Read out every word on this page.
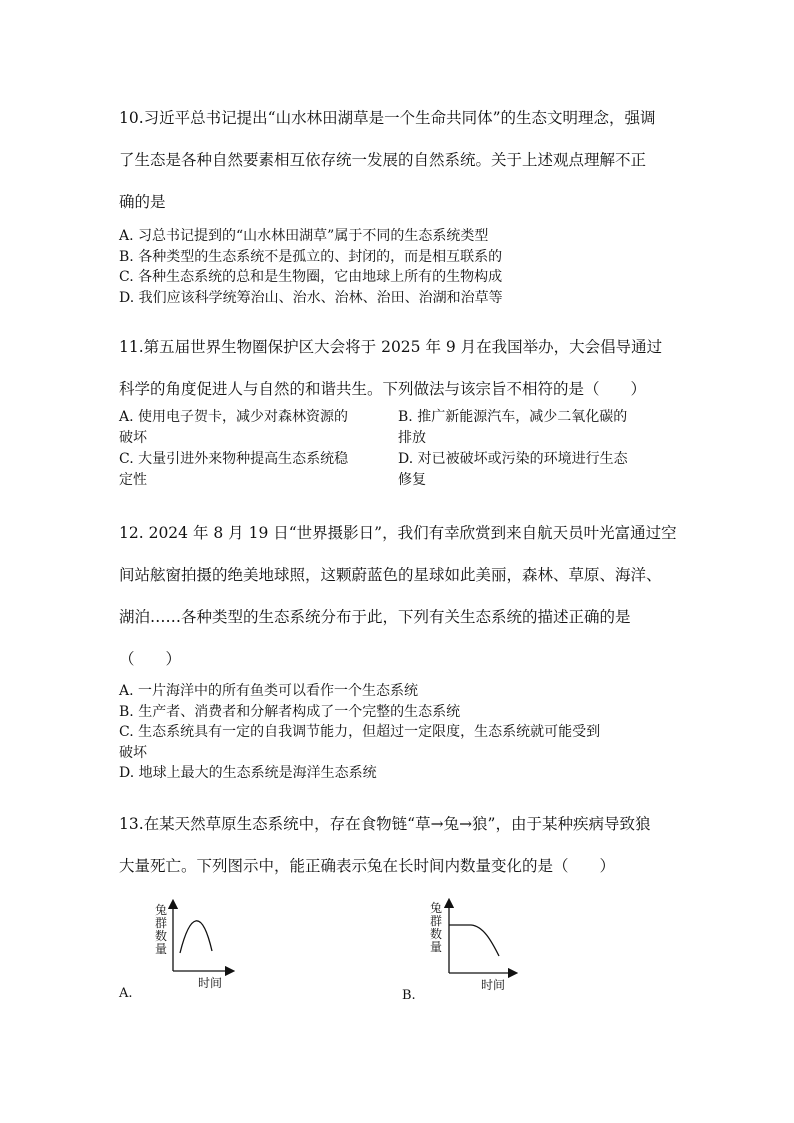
10.习近平总书记提出“山水林田湖草是一个生命共同体”的生态文明理念，强调
了生态是各种自然要素相互依存统一发展的自然系统。关于上述观点理解不正
确的是
A. 习总书记提到的“山水林田湖草”属于不同的生态系统类型
B. 各种类型的生态系统不是孤立的、封闭的，而是相互联系的
C. 各种生态系统的总和是生物圈，它由地球上所有的生物构成
D. 我们应该科学统筹治山、治水、治林、治田、治湖和治草等
11.第五届世界生物圈保护区大会将于 2025 年 9 月在我国举办，大会倡导通过
科学的角度促进人与自然的和谐共生。下列做法与该宗旨不相符的是（　　）
A. 使用电子贺卡，减少对森林资源的
破坏
B. 推广新能源汽车，减少二氧化碳的
排放
C. 大量引进外来物种提高生态系统稳
定性
D. 对已被破坏或污染的环境进行生态
修复
12. 2024 年 8 月 19 日“世界摄影日”，我们有幸欣赏到来自航天员叶光富通过空
间站舷窗拍摄的绝美地球照，这颗蔚蓝色的星球如此美丽，森林、草原、海洋、
湖泊……各种类型的生态系统分布于此，下列有关生态系统的描述正确的是
（　　）
A. 一片海洋中的所有鱼类可以看作一个生态系统
B. 生产者、消费者和分解者构成了一个完整的生态系统
C. 生态系统具有一定的自我调节能力，但超过一定限度，生态系统就可能受到
破坏
D. 地球上最大的生态系统是海洋生态系统
13.在某天然草原生态系统中，存在食物链“草→兔→狼”，由于某种疾病导致狼
大量死亡。下列图示中，能正确表示兔在长时间内数量变化的是（　　）
兔
群
数
量
时间
A.
兔
群
数
量
时间
B.
